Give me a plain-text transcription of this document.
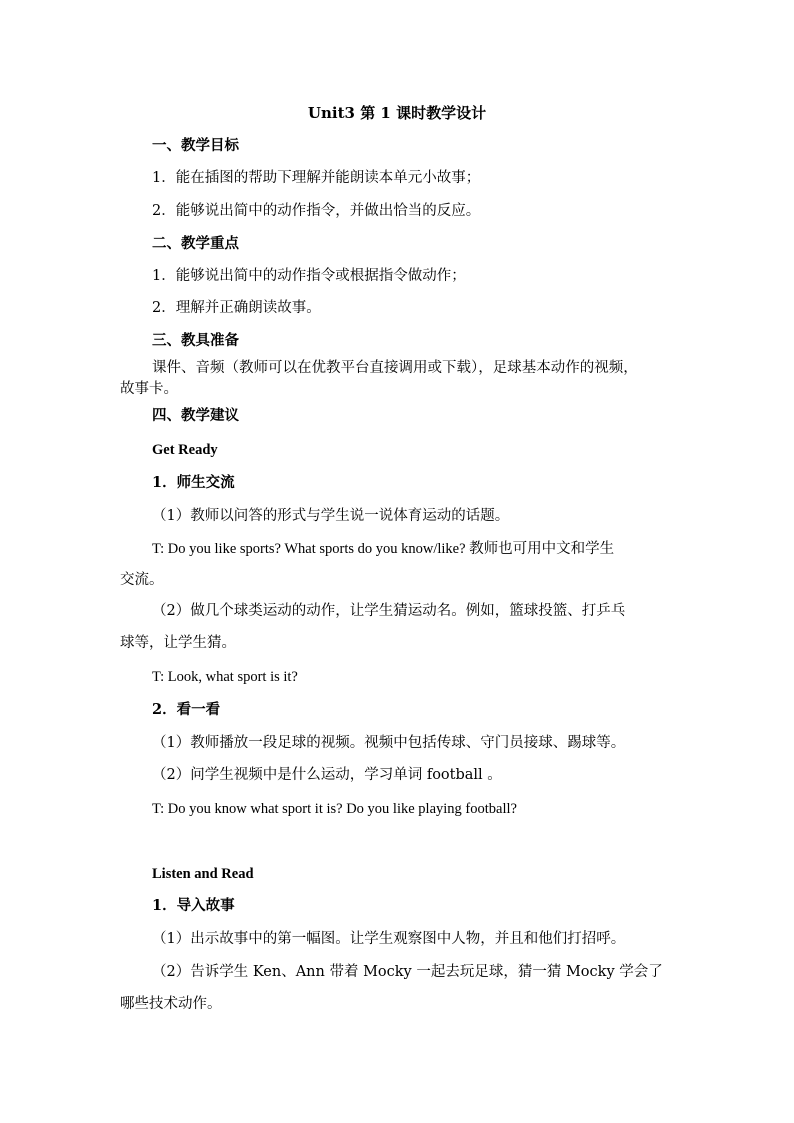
Unit3 第 1 课时教学设计
一、教学目标
1．能在插图的帮助下理解并能朗读本单元小故事；
2．能够说出简中的动作指令，并做出恰当的反应。
二、教学重点
1．能够说出简中的动作指令或根据指令做动作；
2．理解并正确朗读故事。
三、教具准备
课件、音频（教师可以在优教平台直接调用或下载），足球基本动作的视频，
故事卡。
四、教学建议
Get Ready
1．师生交流
（1）教师以问答的形式与学生说一说体育运动的话题。
T: Do you like sports? What sports do you know/like? 教师也可用中文和学生
交流。
（2）做几个球类运动的动作，让学生猜运动名。例如，篮球投篮、打乒乓
球等，让学生猜。
T: Look, what sport is it?
2．看一看
（1）教师播放一段足球的视频。视频中包括传球、守门员接球、踢球等。
（2）问学生视频中是什么运动，学习单词 football 。
T: Do you know what sport it is? Do you like playing football?
Listen and Read
1．导入故事
（1）出示故事中的第一幅图。让学生观察图中人物，并且和他们打招呼。
（2）告诉学生 Ken、Ann 带着 Mocky 一起去玩足球，猜一猜 Mocky 学会了
哪些技术动作。
